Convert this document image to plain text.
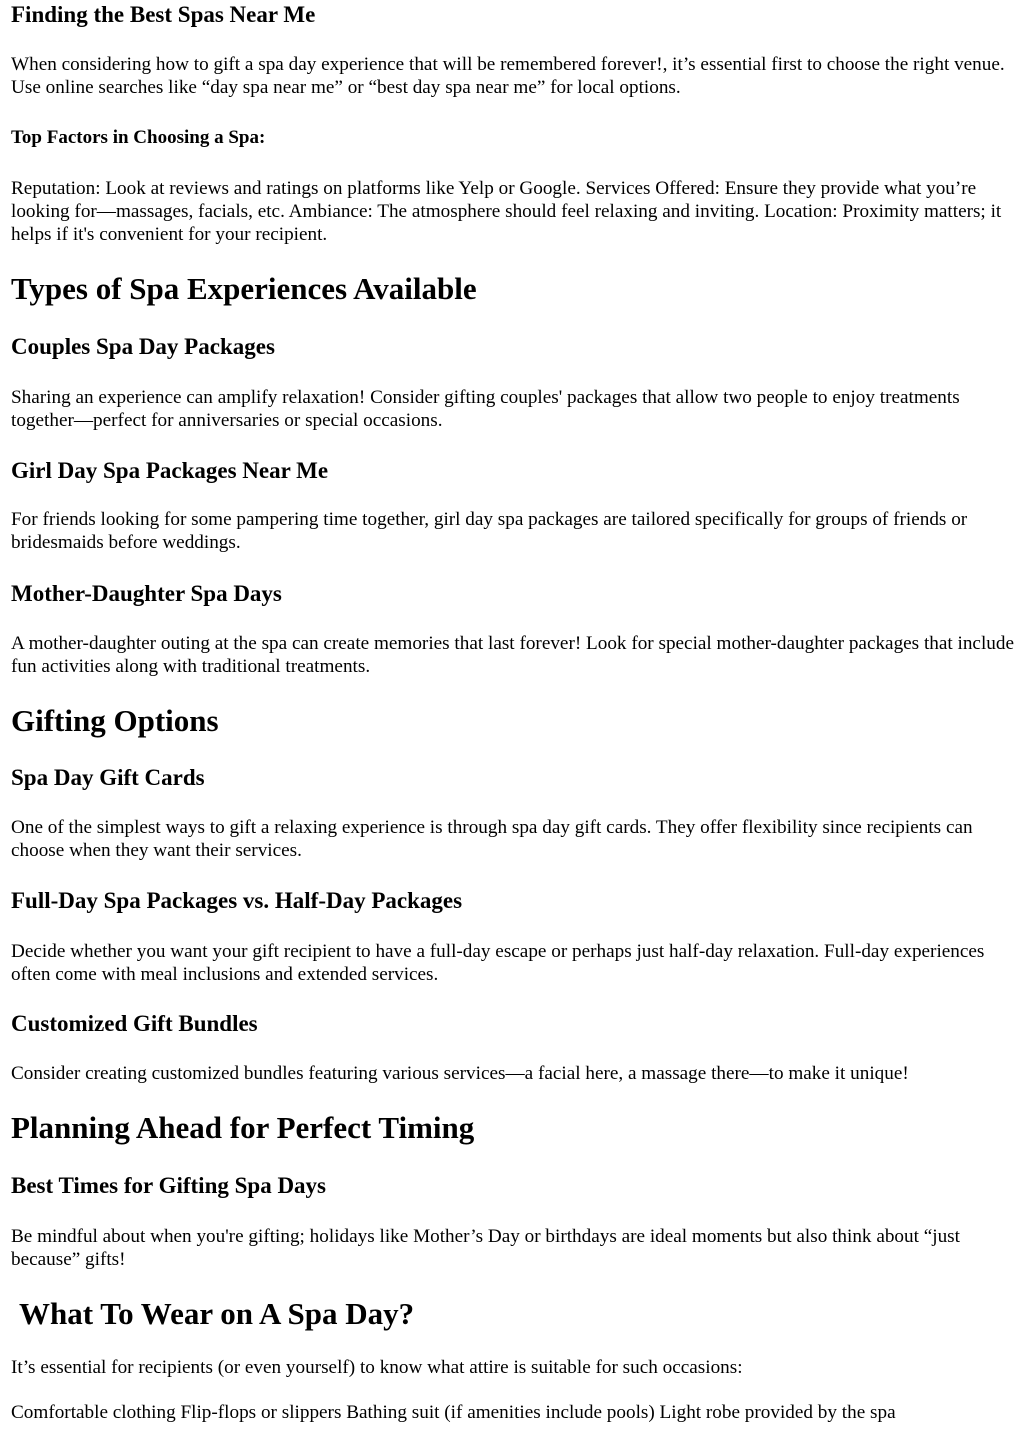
Finding the Best Spas Near Me

When considering how to gift a spa day experience that will be remembered forever!, it’s essential first to choose the right venue. Use online searches like “day spa near me” or “best day spa near me” for local options.

Top Factors in Choosing a Spa:

Reputation: Look at reviews and ratings on platforms like Yelp or Google. Services Offered: Ensure they provide what you’re looking for—massages, facials, etc. Ambiance: The atmosphere should feel relaxing and inviting. Location: Proximity matters; it helps if it's convenient for your recipient.

Types of Spa Experiences Available
Couples Spa Day Packages

Sharing an experience can amplify relaxation! Consider gifting couples' packages that allow two people to enjoy treatments together—perfect for anniversaries or special occasions.

Girl Day Spa Packages Near Me

For friends looking for some pampering time together, girl day spa packages are tailored specifically for groups of friends or bridesmaids before weddings.

Mother-Daughter Spa Days

A mother-daughter outing at the spa can create memories that last forever! Look for special mother-daughter packages that include fun activities along with traditional treatments.

Gifting Options
Spa Day Gift Cards

One of the simplest ways to gift a relaxing experience is through spa day gift cards. They offer flexibility since recipients can choose when they want their services.

Full-Day Spa Packages vs. Half-Day Packages

Decide whether you want your gift recipient to have a full-day escape or perhaps just half-day relaxation. Full-day experiences often come with meal inclusions and extended services.

Customized Gift Bundles

Consider creating customized bundles featuring various services—a facial here, a massage there—to make it unique!

Planning Ahead for Perfect Timing
Best Times for Gifting Spa Days

Be mindful about when you're gifting; holidays like Mother’s Day or birthdays are ideal moments but also think about “just because” gifts!

What To Wear on A Spa Day?

It’s essential for recipients (or even yourself) to know what attire is suitable for such occasions:

Comfortable clothing Flip-flops or slippers Bathing suit (if amenities include pools) Light robe provided by the spa
